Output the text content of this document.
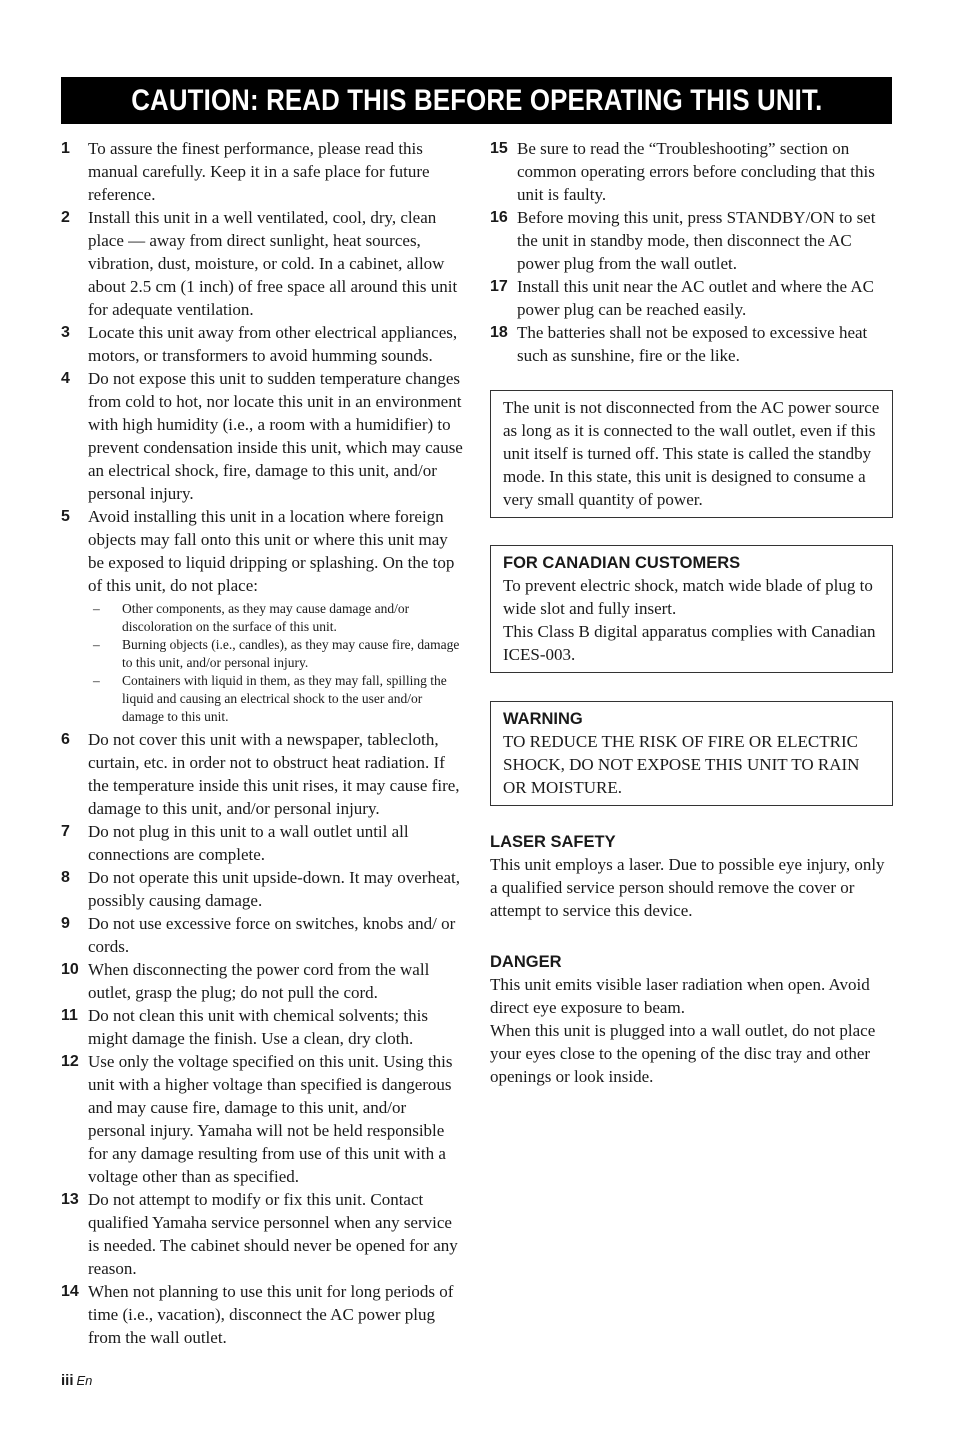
CAUTION: READ THIS BEFORE OPERATING THIS UNIT.
1	To assure the finest performance, please read this manual carefully. Keep it in a safe place for future reference.
2	Install this unit in a well ventilated, cool, dry, clean place — away from direct sunlight, heat sources, vibration, dust, moisture, or cold. In a cabinet, allow about 2.5 cm (1 inch) of free space all around this unit for adequate ventilation.
3	Locate this unit away from other electrical appliances, motors, or transformers to avoid humming sounds.
4	Do not expose this unit to sudden temperature changes from cold to hot, nor locate this unit in an environment with high humidity (i.e., a room with a humidifier) to prevent condensation inside this unit, which may cause an electrical shock, fire, damage to this unit, and/or personal injury.
5	Avoid installing this unit in a location where foreign objects may fall onto this unit or where this unit may be exposed to liquid dripping or splashing. On the top of this unit, do not place:
–	Other components, as they may cause damage and/or discoloration on the surface of this unit.
–	Burning objects (i.e., candles), as they may cause fire, damage to this unit, and/or personal injury.
–	Containers with liquid in them, as they may fall, spilling the liquid and causing an electrical shock to the user and/or damage to this unit.
6	Do not cover this unit with a newspaper, tablecloth, curtain, etc. in order not to obstruct heat radiation. If the temperature inside this unit rises, it may cause fire, damage to this unit, and/or personal injury.
7	Do not plug in this unit to a wall outlet until all connections are complete.
8	Do not operate this unit upside-down. It may overheat, possibly causing damage.
9	Do not use excessive force on switches, knobs and/ or cords.
10 When disconnecting the power cord from the wall outlet, grasp the plug; do not pull the cord.
11 Do not clean this unit with chemical solvents; this might damage the finish. Use a clean, dry cloth.
12 Use only the voltage specified on this unit. Using this unit with a higher voltage than specified is dangerous and may cause fire, damage to this unit, and/or personal injury. Yamaha will not be held responsible for any damage resulting from use of this unit with a voltage other than as specified.
13 Do not attempt to modify or fix this unit. Contact qualified Yamaha service personnel when any service is needed. The cabinet should never be opened for any reason.
14 When not planning to use this unit for long periods of time (i.e., vacation), disconnect the AC power plug from the wall outlet.
15 Be sure to read the “Troubleshooting” section on common operating errors before concluding that this unit is faulty.
16 Before moving this unit, press STANDBY/ON to set the unit in standby mode, then disconnect the AC power plug from the wall outlet.
17 Install this unit near the AC outlet and where the AC power plug can be reached easily.
18 The batteries shall not be exposed to excessive heat such as sunshine, fire or the like.
The unit is not disconnected from the AC power source as long as it is connected to the wall outlet, even if this unit itself is turned off. This state is called the standby mode. In this state, this unit is designed to consume a very small quantity of power.
FOR CANADIAN CUSTOMERS
To prevent electric shock, match wide blade of plug to wide slot and fully insert.
This Class B digital apparatus complies with Canadian ICES-003.
WARNING
TO REDUCE THE RISK OF FIRE OR ELECTRIC SHOCK, DO NOT EXPOSE THIS UNIT TO RAIN OR MOISTURE.
LASER SAFETY
This unit employs a laser. Due to possible eye injury, only a qualified service person should remove the cover or attempt to service this device.
DANGER
This unit emits visible laser radiation when open. Avoid direct eye exposure to beam.
When this unit is plugged into a wall outlet, do not place your eyes close to the opening of the disc tray and other openings or look inside.
iii En
